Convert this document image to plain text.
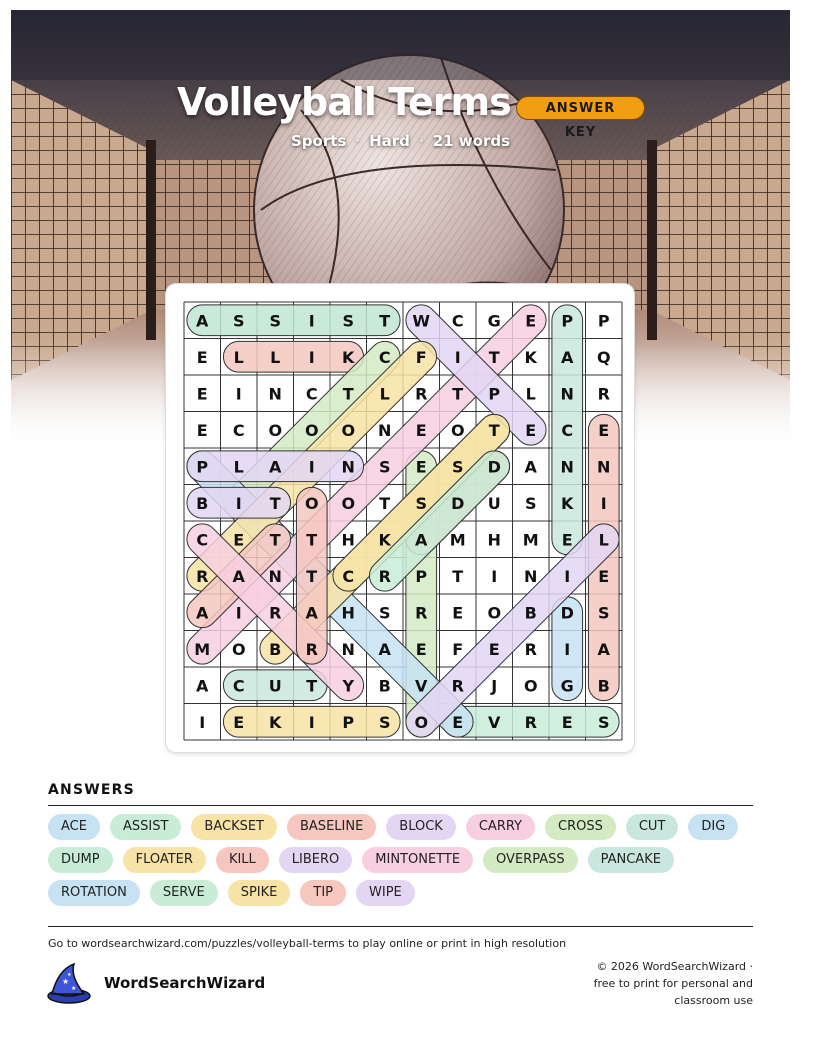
Volleyball Terms	ANSWER KEY
Sports · Hard · 21 words
A S S I S T W C G E P P
E L L I K C F I T K A Q
E I N C T L R T P L N R
E C O O O N E O T E C E
P L A I N S E S D A N N
B I T O O T S D U S K I
C E T T H K A M H M E L
R A N T C R P T I N I E
A I R A H S R E O B D S
M O B R N A E F E R I A
A C U T Y B V R J O G B
I E K I P S O E V R E S
ANSWERS
ACE	ASSIST	BACKSET	BASELINE	BLOCK	CARRY	CROSS	CUT	DIG
DUMP	FLOATER	KILL	LIBERO	MINTONETTE	OVERPASS	PANCAKE
ROTATION	SERVE	SPIKE	TIP	WIPE
Go to wordsearchwizard.com/puzzles/volleyball-terms to play online or print in high resolution
★
★
★ WordSearchWizard
© 2026 WordSearchWizard ·
free to print for personal and
classroom use
